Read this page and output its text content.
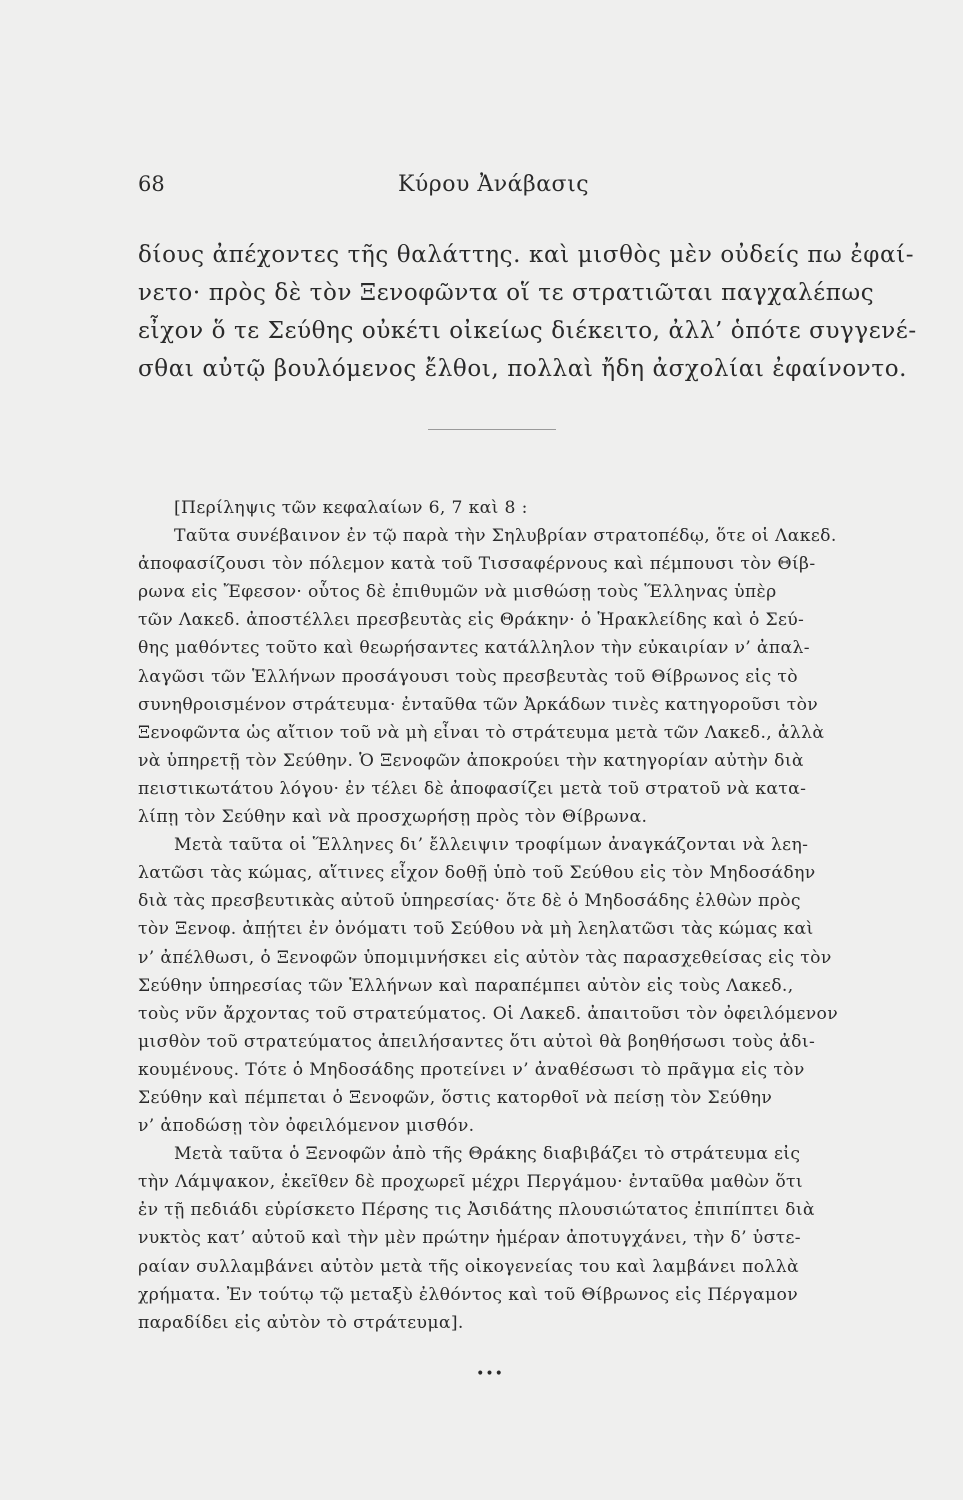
68	Κύρου Ἀνάβασις
δίους ἀπέχοντες τῆς θαλάττης. καὶ μισθὸς μὲν οὐδείς πω ἐφαί-
νετο· πρὸς δὲ τὸν Ξενοφῶντα οἵ τε στρατιῶται παγχαλέπως
εἶχον ὅ τε Σεύθης οὐκέτι οἰκείως διέκειτο, ἀλλ’ ὁπότε συγγενέ-
σθαι αὐτῷ βουλόμενος ἔλθοι, πολλαὶ ἤδη ἀσχολίαι ἐφαίνοντο.
[Περίληψις τῶν κεφαλαίων 6, 7 καὶ 8 :
Ταῦτα συνέβαινον ἐν τῷ παρὰ τὴν Σηλυβρίαν στρατοπέδῳ, ὅτε οἱ Λακεδ.
ἀποφασίζουσι τὸν πόλεμον κατὰ τοῦ Τισσαφέρνους καὶ πέμπουσι τὸν Θίβ-
ρωνα εἰς Ἔφεσον· οὗτος δὲ ἐπιθυμῶν νὰ μισθώσῃ τοὺς Ἕλληνας ὑπὲρ
τῶν Λακεδ. ἀποστέλλει πρεσβευτὰς εἰς Θράκην· ὁ Ἡρακλείδης καὶ ὁ Σεύ-
θης μαθόντες τοῦτο καὶ θεωρήσαντες κατάλληλον τὴν εὐκαιρίαν ν’ ἀπαλ-
λαγῶσι τῶν Ἑλλήνων προσάγουσι τοὺς πρεσβευτὰς τοῦ Θίβρωνος εἰς τὸ
συνηθροισμένον στράτευμα· ἐνταῦθα τῶν Ἀρκάδων τινὲς κατηγοροῦσι τὸν
Ξενοφῶντα ὡς αἴτιον τοῦ νὰ μὴ εἶναι τὸ στράτευμα μετὰ τῶν Λακεδ., ἀλλὰ
νὰ ὑπηρετῇ τὸν Σεύθην. Ὁ Ξενοφῶν ἀποκρούει τὴν κατηγορίαν αὐτὴν διὰ
πειστικωτάτου λόγου· ἐν τέλει δὲ ἀποφασίζει μετὰ τοῦ στρατοῦ νὰ κατα-
λίπῃ τὸν Σεύθην καὶ νὰ προσχωρήσῃ πρὸς τὸν Θίβρωνα.
Μετὰ ταῦτα οἱ Ἕλληνες δι’ ἔλλειψιν τροφίμων ἀναγκάζονται νὰ λεη-
λατῶσι τὰς κώμας, αἵτινες εἶχον δοθῇ ὑπὸ τοῦ Σεύθου εἰς τὸν Μηδοσάδην
διὰ τὰς πρεσβευτικὰς αὐτοῦ ὑπηρεσίας· ὅτε δὲ ὁ Μηδοσάδης ἐλθὼν πρὸς
τὸν Ξενοφ. ἀπῄτει ἐν ὀνόματι τοῦ Σεύθου νὰ μὴ λεηλατῶσι τὰς κώμας καὶ
ν’ ἀπέλθωσι, ὁ Ξενοφῶν ὑπομιμνήσκει εἰς αὐτὸν τὰς παρασχεθείσας εἰς τὸν
Σεύθην ὑπηρεσίας τῶν Ἑλλήνων καὶ παραπέμπει αὐτὸν εἰς τοὺς Λακεδ.,
τοὺς νῦν ἄρχοντας τοῦ στρατεύματος. Οἱ Λακεδ. ἀπαιτοῦσι τὸν ὀφειλόμενον
μισθὸν τοῦ στρατεύματος ἀπειλήσαντες ὅτι αὐτοὶ θὰ βοηθήσωσι τοὺς ἀδι-
κουμένους. Τότε ὁ Μηδοσάδης προτείνει ν’ ἀναθέσωσι τὸ πρᾶγμα εἰς τὸν
Σεύθην καὶ πέμπεται ὁ Ξενοφῶν, ὅστις κατορθοῖ νὰ πείσῃ τὸν Σεύθην
ν’ ἀποδώσῃ τὸν ὀφειλόμενον μισθόν.
Μετὰ ταῦτα ὁ Ξενοφῶν ἀπὸ τῆς Θράκης διαβιβάζει τὸ στράτευμα εἰς
τὴν Λάμψακον, ἐκεῖθεν δὲ προχωρεῖ μέχρι Περγάμου· ἐνταῦθα μαθὼν ὅτι
ἐν τῇ πεδιάδι εὑρίσκετο Πέρσης τις Ἀσιδάτης πλουσιώτατος ἐπιπίπτει διὰ
νυκτὸς κατ’ αὐτοῦ καὶ τὴν μὲν πρώτην ἡμέραν ἀποτυγχάνει, τὴν δ’ ὑστε-
ραίαν συλλαμβάνει αὐτὸν μετὰ τῆς οἰκογενείας του καὶ λαμβάνει πολλὰ
χρήματα. Ἐν τούτῳ τῷ μεταξὺ ἐλθόντος καὶ τοῦ Θίβρωνος εἰς Πέργαμον
παραδίδει εἰς αὐτὸν τὸ στράτευμα].
•••
